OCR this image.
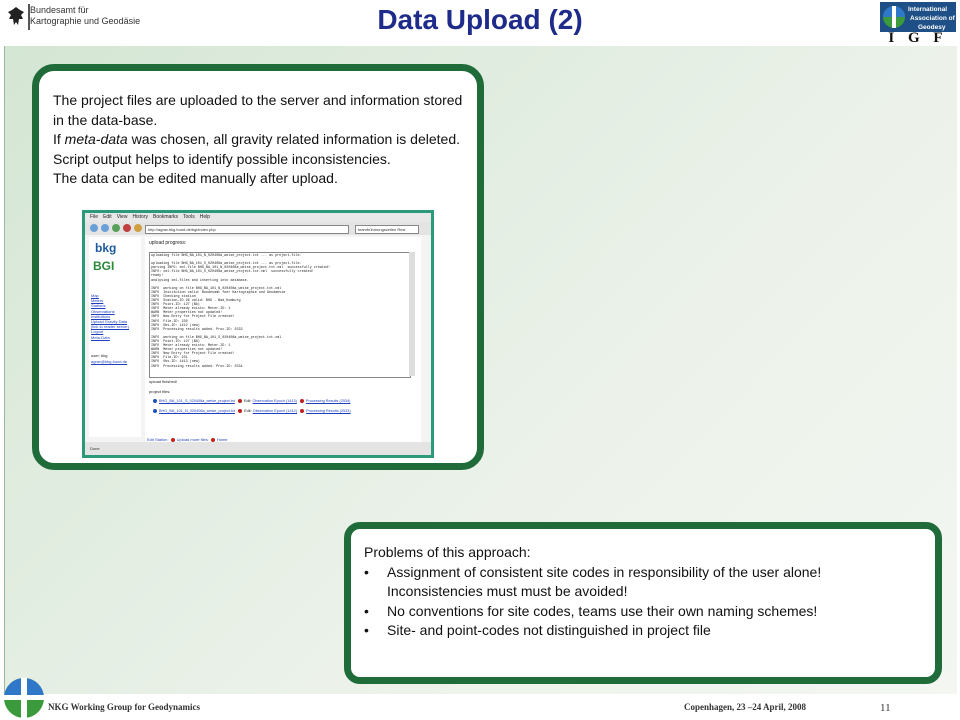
Bundesamt für
Kartographie und Geodäsie	Data Upload (2)	International
Association of
Geodesy
I G F

The project files are uploaded to the server and information stored in the data-base.

If meta-data was chosen, all gravity related information is deleted.

Script output helps to identify possible inconsistencies.

The data can be edited manually after upload.

File Edit View History Bookmarks Tools Help
http://agrav.bkg.bund.de/bgi/index.php	teamfrühmungszellen Resi
bkg
BGI
Map
Meters
Stations
Observations
Institutions
Upload Gravity Data
(link to reader server)
Logout
Meta-Data
user: bkg
agrav@bkg.bund.de
upload progress:
uploading file BHG_BA_101_N_020408a_weise_project.txt ... as project-file.

uploading file BHG_BA_101_S_020408a_weise_project.txt ... as project-file.
parsing INFO: xml-file BHG_BA_101_N_020408a_weise_project.txt.xml  successfully created!
INFO: xml-file BHG_BA_101_S_020408a_weise_project.txt.xml  successfully created!
ready!
analysing xml-files and inserting into database.

INFO  working on file BHG_BA_101_N_020408a_weise_project.txt.xml
INFO  Institution valid: Bundesamt fuer Kartographie und Geodaesie
INFO  Checking station
INFO  Station-ID 26 valid: BHG - Bad_Homburg
INFO  Point-ID: 127 (BA)
INFO  Meter already exists: Meter-ID: 1
WARN  Meter properties not updated!
INFO  New Entry for Project File created!
INFO  File-ID: 230
INFO  Obs-ID: 1412 (new)
INFO  Processing results added. Proc-ID: 2533

INFO  working on file BHG_BA_101_S_020408a_weise_project.txt.xml
INFO  Point-ID: 127 (BA)
INFO  Meter already exists: Meter-ID: 1
WARN  Meter properties not updated!
INFO  New Entry for Project File created!
INFO  File-ID: 231
INFO  Obs-ID: 1413 (new)
INFO  Processing results added. Proc-ID: 2534
upload finished!
project files:
BHG_BA_101_S_020408a_weise_project.txt Edit: Observation Epoch (1413) Processing Results (2534)
BHG_BA_101_N_020408a_weise_project.txt Edit: Observation Epoch (1412) Processing Results (2533)
Edit Station Upload more files Home
Done

Problems of this approach:

• Assignment of consistent site codes in responsibility of the user alone!

Inconsistencies must must be avoided!

• No conventions for site codes, teams use their own naming schemes!

• Site- and point-codes not distinguished in project file

NKG Working Group for Geodynamics	Copenhagen, 23 –24 April, 2008	11
